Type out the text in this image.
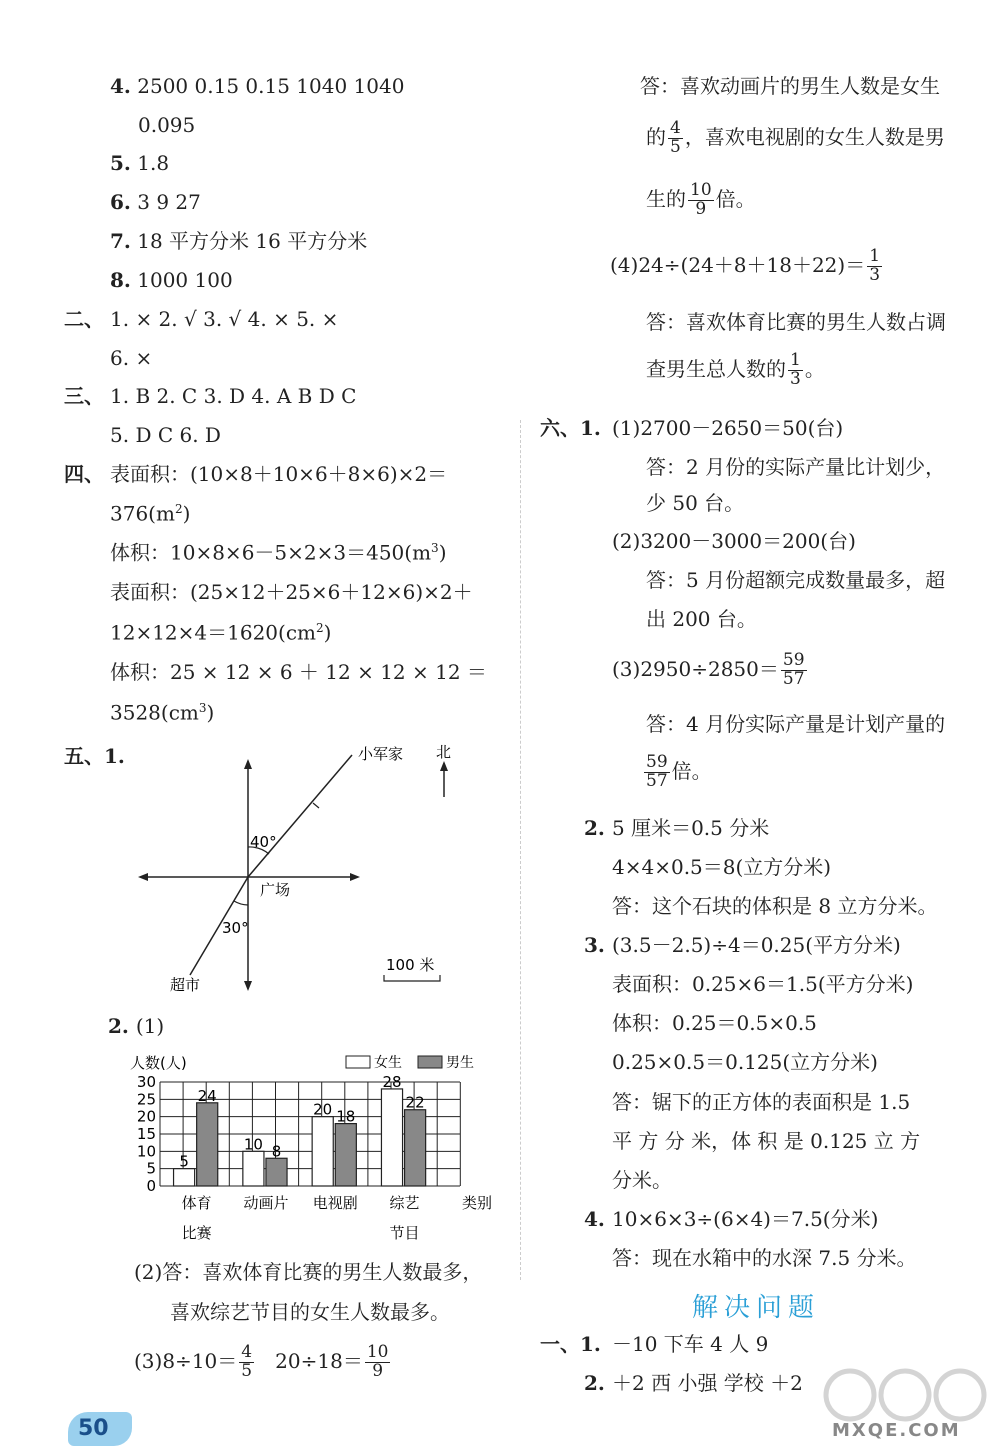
4. 2500 0.15 0.15 1040 1040
0.095
5. 1.8
6. 3 9 27
7. 18 平方分米 16 平方分米
8. 1000 100
二、 1. × 2. √ 3. √ 4. × 5. ×
6. ×
三、 1. B 2. C 3. D 4. A B D C
5. D C 6. D
四、 表面积：(10×8＋10×6＋8×6)×2＝
$376(m^2)$
体积：$10\times 8\times 6-5\times 2\times 3=450(m^3)$
表面积：(25×12＋25×6＋12×6)×2＋
$12\times 12\times 4=1620(cm^2)$
体积：25 × 12 × 6 ＋ 12 × 12 × 12 ＝
$3528(cm^3)$
五、1.
40°
30°
广场
小军家
超市
北
100 米
2. (1)
人数(人)	女生	男生
0
5
10
15
20
25
30
5
24
体育
比赛
10 8
动画片
20 18
电视剧
28
22
综艺
节目
类别
(2)答：喜欢体育比赛的男生人数最多，
喜欢综艺节目的女生人数最多。
$(3)8\div 10= \frac{4}{5} 20\div 18= \frac{10}{9}$
答：喜欢动画片的男生人数是女生
的 $\frac{4}{5}$ ，喜欢电视剧的女生人数是男
生的 $\frac{10}{9}$ 倍。
$(4)24\div(24+8+18+22)= \frac{1}{3}$
答：喜欢体育比赛的男生人数占调
查男生总人数的 $\frac{1}{3}$ 。
六、1. (1)2700－2650＝50(台)
答：2 月份的实际产量比计划少，
少 50 台。
(2)3200－3000＝200(台)
答：5 月份超额完成数量最多，超
出 200 台。
$(3)2950\div 2850= \frac{59}{57}$
答：4 月份实际产量是计划产量的
$\frac{59}{57}$ 倍。
2. 5 厘米＝0.5 分米
4×4×0.5＝8(立方分米)
答：这个石块的体积是 8 立方分米。
3. (3.5－2.5)÷4＝0.25(平方分米)
表面积：0.25×6＝1.5(平方分米)
体积：0.25＝0.5×0.5
0.25×0.5＝0.125(立方分米)
答：锯下的正方体的表面积是 1.5
平 方 分 米，体 积 是 0.125 立 方
分米。
4. 10×6×3÷(6×4)＝7.5(分米)
答：现在水箱中的水深 7.5 分米。
解决问题
一、1. －10 下车 4 人 9
2. ＋2 西 小强 学校 ＋2
50	MXQE.COM
